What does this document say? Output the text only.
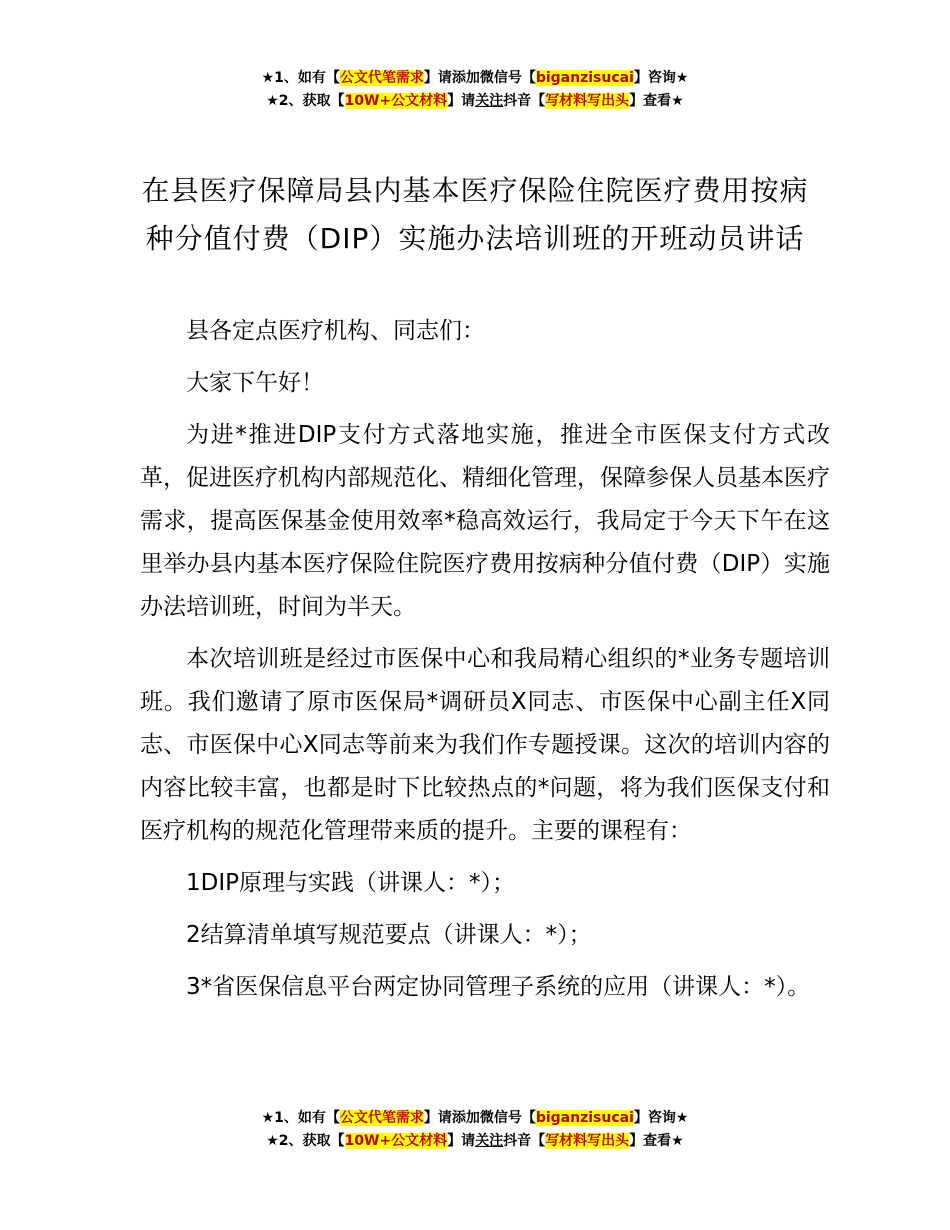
★1、如有【公文代笔需求】请添加微信号【biganzisucai】咨询★
★2、获取【10W+公文材料】请关注抖音【写材料写出头】查看★
在县医疗保障局县内基本医疗保险住院医疗费用按病种分值付费（DIP）实施办法培训班的开班动员讲话

县各定点医疗机构、同志们：

大家下午好！

为进*推进DIP支付方式落地实施，推进全市医保支付方式改革，促进医疗机构内部规范化、精细化管理，保障参保人员基本医疗需求，提高医保基金使用效率*稳高效运行，我局定于今天下午在这里举办县内基本医疗保险住院医疗费用按病种分值付费（DIP）实施办法培训班，时间为半天。

本次培训班是经过市医保中心和我局精心组织的*业务专题培训班。我们邀请了原市医保局*调研员X同志、市医保中心副主任X同志、市医保中心X同志等前来为我们作专题授课。这次的培训内容的内容比较丰富，也都是时下比较热点的*问题，将为我们医保支付和医疗机构的规范化管理带来质的提升。主要的课程有：

1DIP原理与实践（讲课人：*）；

2结算清单填写规范要点（讲课人：*）；

3*省医保信息平台两定协同管理子系统的应用（讲课人：*）。

★1、如有【公文代笔需求】请添加微信号【biganzisucai】咨询★
★2、获取【10W+公文材料】请关注抖音【写材料写出头】查看★
